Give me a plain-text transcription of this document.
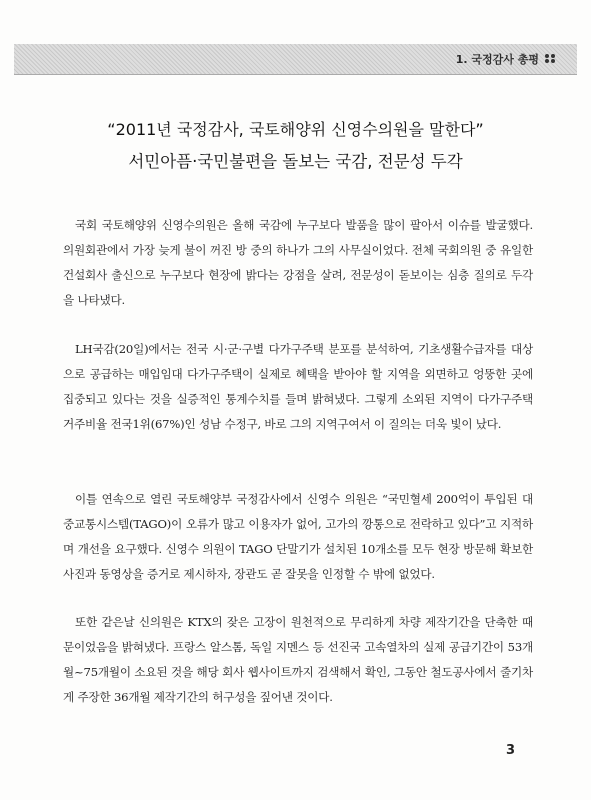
1. 국정감사 총평
“2011년 국정감사, 국토해양위 신영수의원을 말한다”
서민아픔·국민불편을 돌보는 국감, 전문성 두각

국회 국토해양위 신영수의원은 올해 국감에 누구보다 발품을 많이 팔아서 이슈를 발굴했다. 의원회관에서 가장 늦게 불이 꺼진 방 중의 하나가 그의 사무실이었다. 전체 국회의원 중 유일한 건설회사 출신으로 누구보다 현장에 밝다는 강점을 살려, 전문성이 돋보이는 심층 질의로 두각을 나타냈다.

LH국감(20일)에서는 전국 시·군·구별 다가구주택 분포를 분석하여, 기초생활수급자를 대상으로 공급하는 매입임대 다가구주택이 실제로 혜택을 받아야 할 지역을 외면하고 엉뚱한 곳에 집중되고 있다는 것을 실증적인 통계수치를 들며 밝혀냈다. 그렇게 소외된 지역이 다가구주택 거주비율 전국1위(67%)인 성남 수정구, 바로 그의 지역구여서 이 질의는 더욱 빛이 났다.

이틀 연속으로 열린 국토해양부 국정감사에서 신영수 의원은 “국민혈세 200억이 투입된 대중교통시스템(TAGO)이 오류가 많고 이용자가 없어, 고가의 깡통으로 전락하고 있다”고 지적하며 개선을 요구했다. 신영수 의원이 TAGO 단말기가 설치된 10개소를 모두 현장 방문해 확보한 사진과 동영상을 증거로 제시하자, 장관도 곧 잘못을 인정할 수 밖에 없었다.

또한 같은날 신의원은 KTX의 잦은 고장이 원천적으로 무리하게 차량 제작기간을 단축한 때문이었음을 밝혀냈다. 프랑스 알스톰, 독일 지멘스 등 선진국 고속열차의 실제 공급기간이 53개월~75개월이 소요된 것을 해당 회사 웹사이트까지 검색해서 확인, 그동안 철도공사에서 줄기차게 주장한 36개월 제작기간의 허구성을 짚어낸 것이다.

3
